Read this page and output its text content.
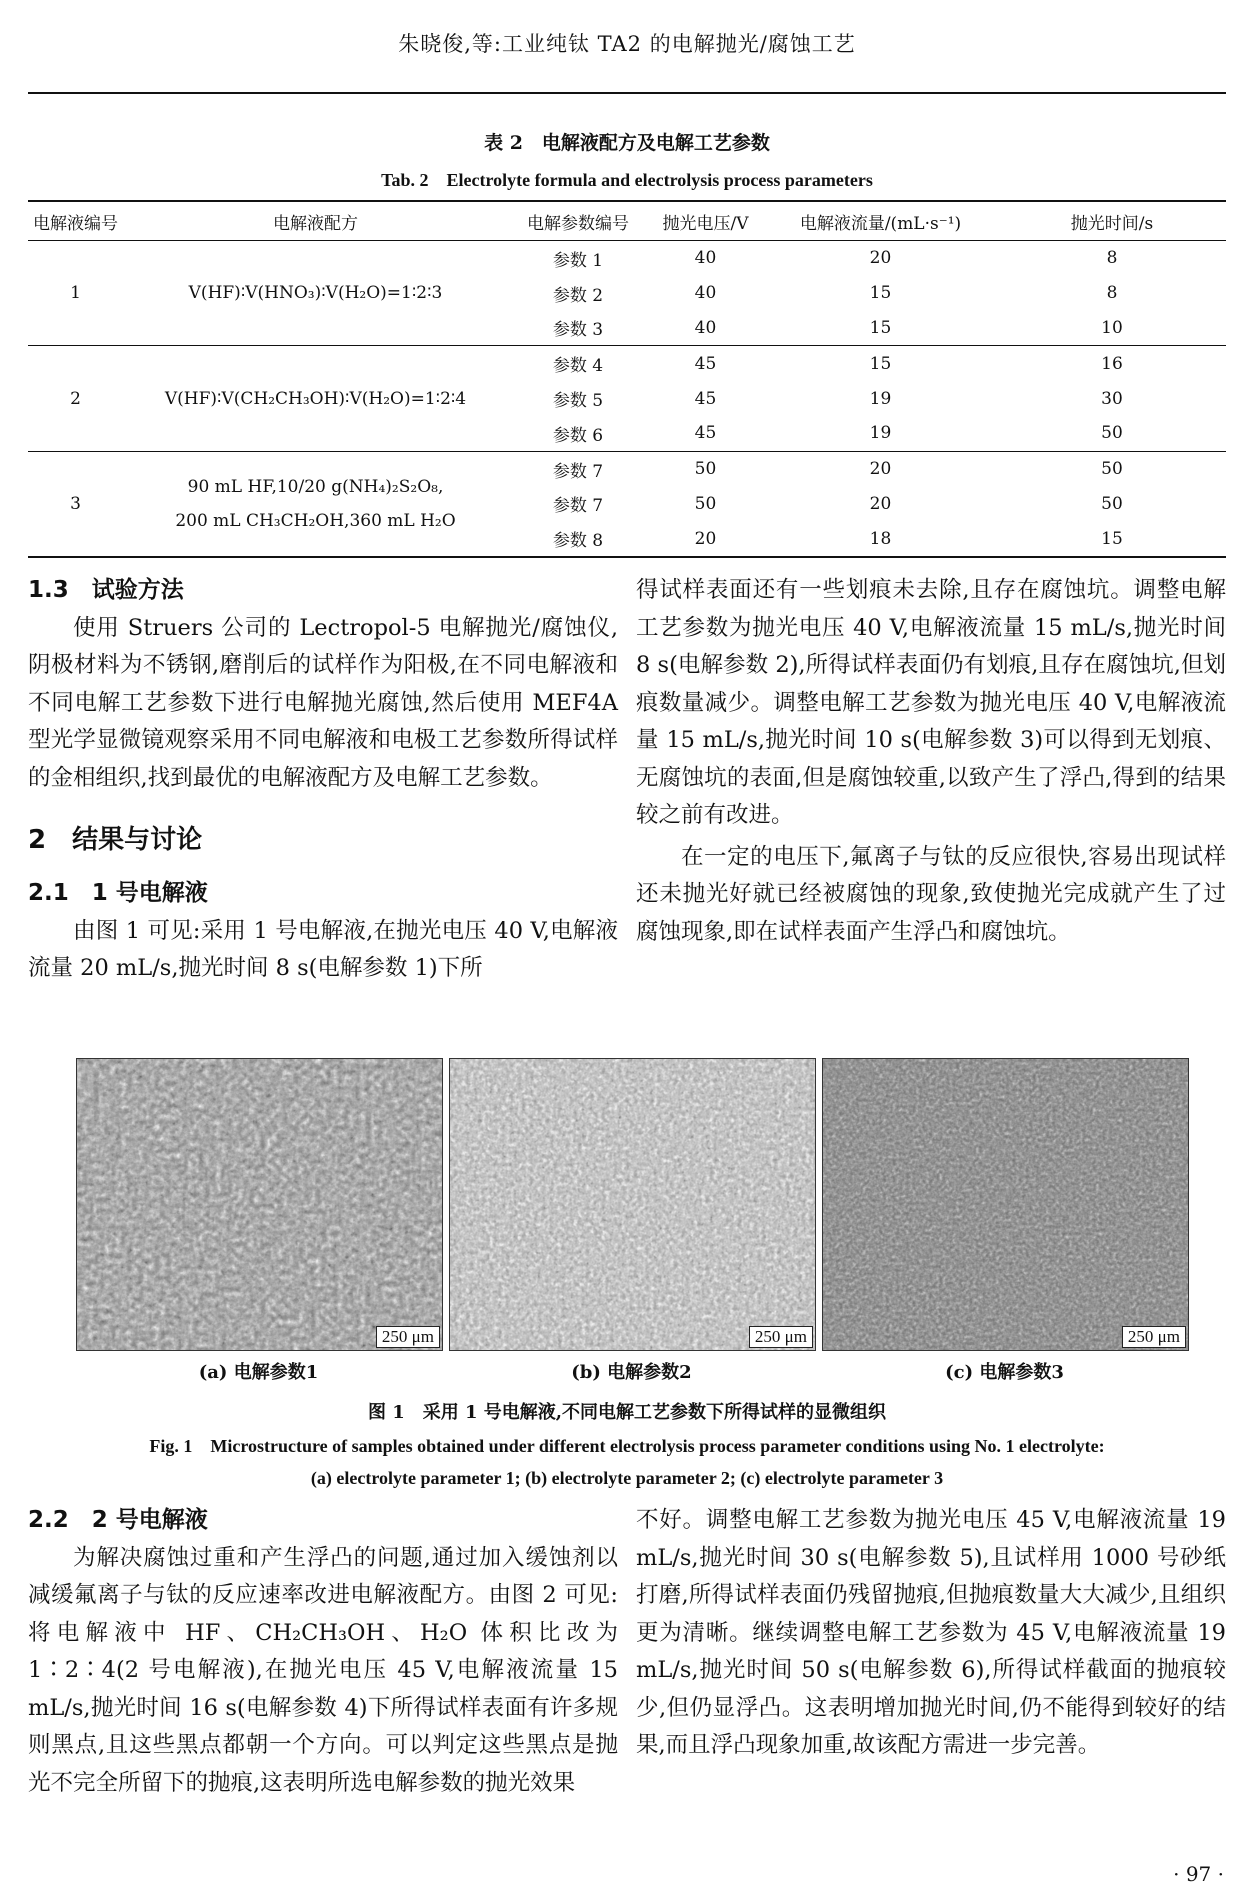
朱晓俊,等:工业纯钛 TA2 的电解抛光/腐蚀工艺
表 2　电解液配方及电解工艺参数
Tab. 2　Electrolyte formula and electrolysis process parameters
电解液编号	电解液配方	电解参数编号	抛光电压/V	电解液流量/(mL·s⁻¹)	抛光时间/s
1	V(HF)∶V(HNO₃)∶V(H₂O)=1∶2∶3	参数 1	40	20	8
		参数 2	40	15	8
		参数 3	40	15	10
2	V(HF)∶V(CH₂CH₃OH)∶V(H₂O)=1∶2∶4	参数 4	45	15	16
		参数 5	45	19	30
		参数 6	45	19	50
3	90 mL HF,10/20 g(NH₄)₂S₂O₈,
200 mL CH₃CH₂OH,360 mL H₂O	参数 7	50	20	50
		参数 7	50	20	50
		参数 8	20	18	15
1.3　试验方法

使用 Struers 公司的 Lectropol-5 电解抛光/腐蚀仪,阴极材料为不锈钢,磨削后的试样作为阳极,在不同电解液和不同电解工艺参数下进行电解抛光腐蚀,然后使用 MEF4A 型光学显微镜观察采用不同电解液和电极工艺参数所得试样的金相组织,找到最优的电解液配方及电解工艺参数。

2　结果与讨论
2.1　1 号电解液

由图 1 可见:采用 1 号电解液,在抛光电压 40 V,电解液流量 20 mL/s,抛光时间 8 s(电解参数 1)下所

得试样表面还有一些划痕未去除,且存在腐蚀坑。调整电解工艺参数为抛光电压 40 V,电解液流量 15 mL/s,抛光时间 8 s(电解参数 2),所得试样表面仍有划痕,且存在腐蚀坑,但划痕数量减少。调整电解工艺参数为抛光电压 40 V,电解液流量 15 mL/s,抛光时间 10 s(电解参数 3)可以得到无划痕、无腐蚀坑的表面,但是腐蚀较重,以致产生了浮凸,得到的结果较之前有改进。

在一定的电压下,氟离子与钛的反应很快,容易出现试样还未抛光好就已经被腐蚀的现象,致使抛光完成就产生了过腐蚀现象,即在试样表面产生浮凸和腐蚀坑。

250 μm	250 μm	250 μm
(a) 电解参数1	(b) 电解参数2	(c) 电解参数3
图 1　采用 1 号电解液,不同电解工艺参数下所得试样的显微组织
Fig. 1　Microstructure of samples obtained under different electrolysis process parameter conditions using No. 1 electrolyte:
(a) electrolyte parameter 1; (b) electrolyte parameter 2; (c) electrolyte parameter 3
2.2　2 号电解液

为解决腐蚀过重和产生浮凸的问题,通过加入缓蚀剂以减缓氟离子与钛的反应速率改进电解液配方。由图 2 可见:将电解液中 HF、CH₂CH₃OH、H₂O 体积比改为 1∶2∶4(2 号电解液),在抛光电压 45 V,电解液流量 15 mL/s,抛光时间 16 s(电解参数 4)下所得试样表面有许多规则黑点,且这些黑点都朝一个方向。可以判定这些黑点是抛光不完全所留下的抛痕,这表明所选电解参数的抛光效果

不好。调整电解工艺参数为抛光电压 45 V,电解液流量 19 mL/s,抛光时间 30 s(电解参数 5),且试样用 1000 号砂纸打磨,所得试样表面仍残留抛痕,但抛痕数量大大减少,且组织更为清晰。继续调整电解工艺参数为 45 V,电解液流量 19 mL/s,抛光时间 50 s(电解参数 6),所得试样截面的抛痕较少,但仍显浮凸。这表明增加抛光时间,仍不能得到较好的结果,而且浮凸现象加重,故该配方需进一步完善。

· 97 ·
